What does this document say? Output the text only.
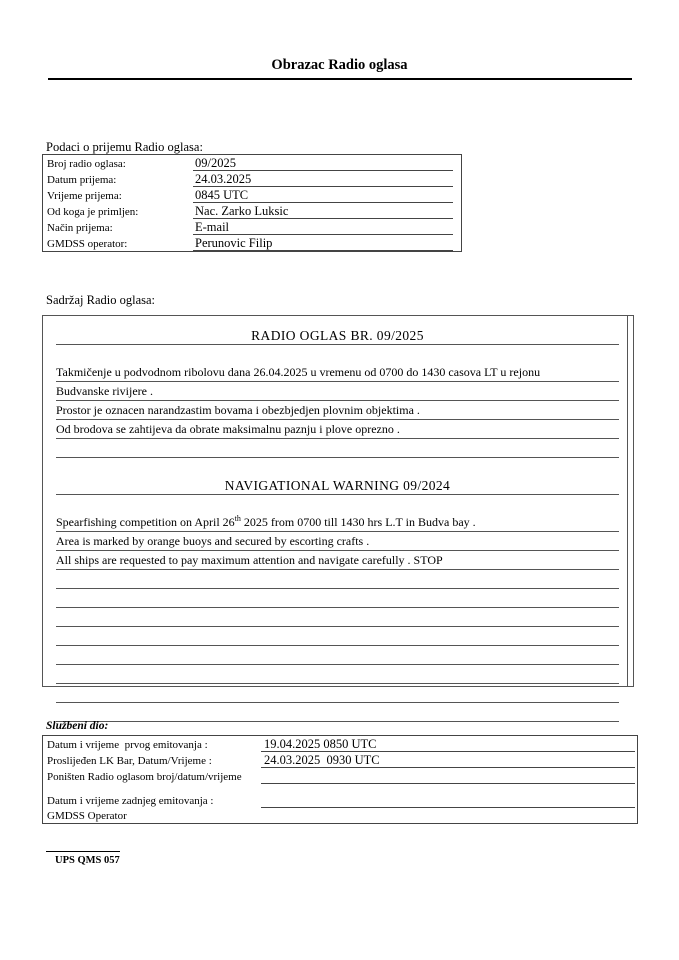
Obrazac Radio oglasa
Podaci o prijemu Radio oglasa:
Broj radio oglasa:	09/2025
Datum prijema:	24.03.2025
Vrijeme prijema:	0845 UTC
Od koga je primljen:	Nac. Zarko Luksic
Način prijema:	E-mail
GMDSS operator:	Perunovic Filip
Sadržaj Radio oglasa:
RADIO OGLAS BR. 09/2025
Takmičenje u podvodnom ribolovu dana 26.04.2025 u vremenu od 0700 do 1430 casova LT u rejonu
Budvanske rivijere .
Prostor je oznacen narandzastim bovama i obezbjedjen plovnim objektima .
Od brodova se zahtijeva da obrate maksimalnu paznju i plove oprezno .
NAVIGATIONAL WARNING 09/2024
Spearfishing competition on April 26th 2025 from 0700 till 1430 hrs L.T in Budva bay .
Area is marked by orange buoys and secured by escorting crafts .
All ships are requested to pay maximum attention and navigate carefully . STOP
Službeni dio:
Datum i vrijeme  prvog emitovanja :	19.04.2025 0850 UTC
Proslijeđen LK Bar, Datum/Vrijeme :	24.03.2025  0930 UTC
Poništen Radio oglasom broj/datum/vrijeme
Datum i vrijeme zadnjeg emitovanja :
GMDSS Operator
UPS QMS 057
